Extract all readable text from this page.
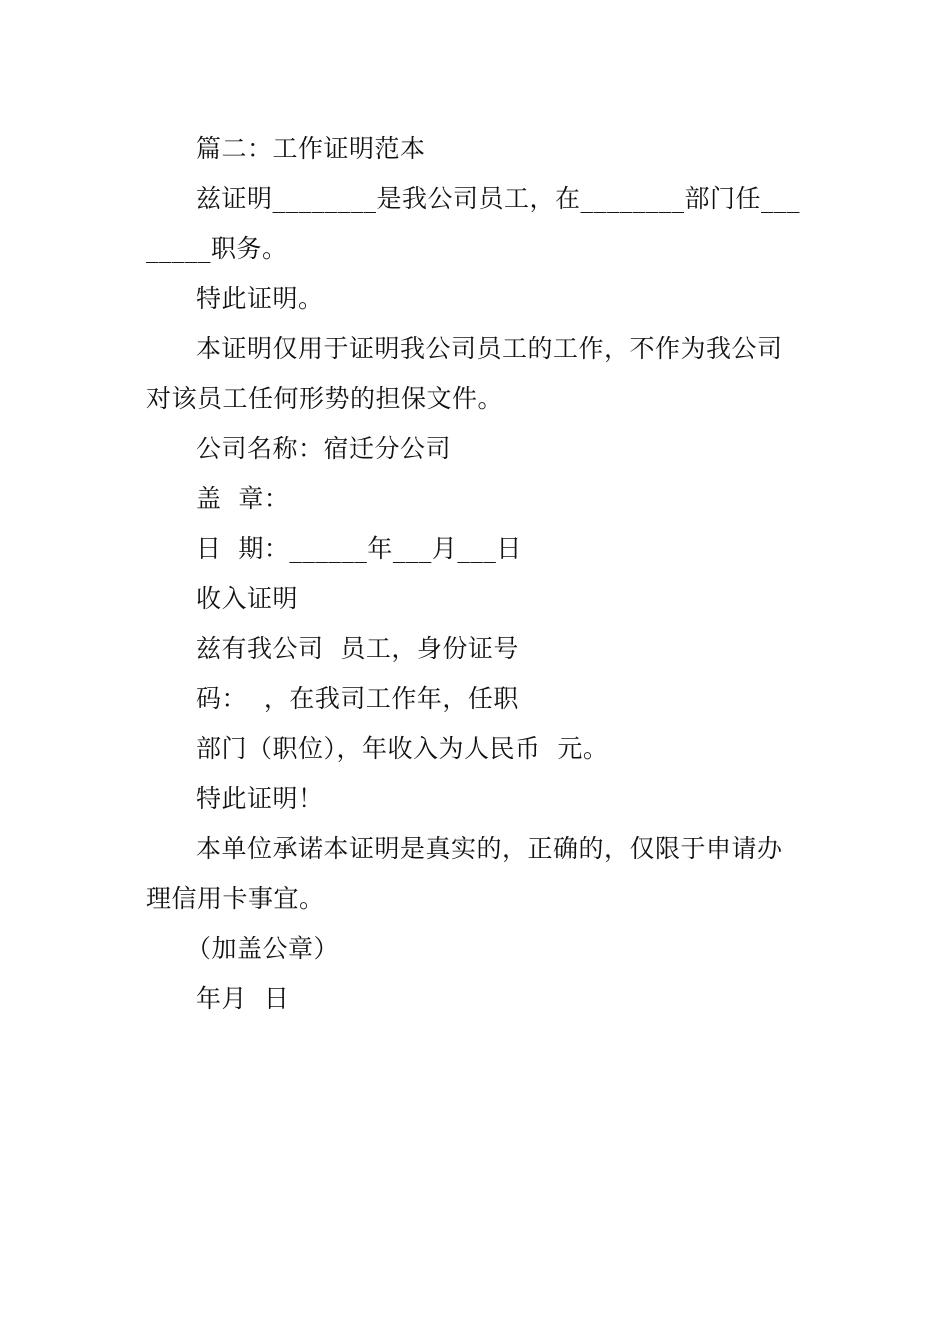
篇二：工作证明范本
兹证明________是我公司员工，在________部门任___
_____职务。
特此证明。
本证明仅用于证明我公司员工的工作，不作为我公司
对该员工任何形势的担保文件。
公司名称：宿迁分公司
盖  章：
日  期：______年___月___日
收入证明
兹有我公司  员工，身份证号
码：  ，在我司工作年，任职
部门（职位），年收入为人民币  元。
特此证明！
本单位承诺本证明是真实的，正确的，仅限于申请办
理信用卡事宜。
（加盖公章）
年月  日
